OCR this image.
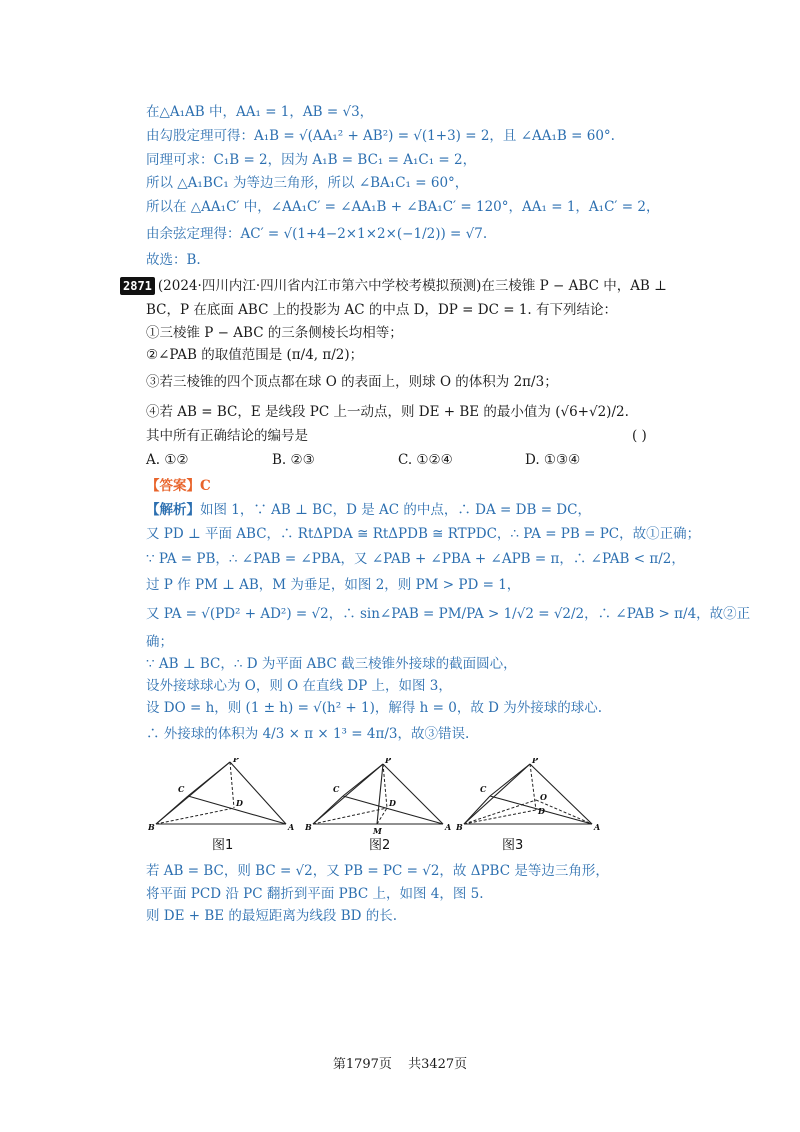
在△A₁AB 中，AA₁ = 1，AB = √3，
由勾股定理可得：A₁B = √(AA₁² + AB²) = √(1+3) = 2，且 ∠AA₁B = 60°.
同理可求：C₁B = 2，因为 A₁B = BC₁ = A₁C₁ = 2，
所以 △A₁BC₁ 为等边三角形，所以 ∠BA₁C₁ = 60°，
所以在 △AA₁C′ 中，∠AA₁C′ = ∠AA₁B + ∠BA₁C′ = 120°，AA₁ = 1，A₁C′ = 2，
由余弦定理得：AC′ = √(1+4−2×1×2×(−1/2)) = √7.
故选：B.
2871 (2024·四川内江·四川省内江市第六中学校考模拟预测)在三棱锥 P − ABC 中，AB ⊥
BC，P 在底面 ABC 上的投影为 AC 的中点 D，DP = DC = 1. 有下列结论：
①三棱锥 P − ABC 的三条侧棱长均相等；
②∠PAB 的取值范围是 (π/4, π/2)；
③若三棱锥的四个顶点都在球 O 的表面上，则球 O 的体积为 2π/3；
④若 AB = BC，E 是线段 PC 上一动点，则 DE + BE 的最小值为 (√6+√2)/2.
其中所有正确结论的编号是	( )
A. ①②	B. ②③	C. ①②④	D. ①③④
【答案】C
【解析】如图 1，∵ AB ⊥ BC，D 是 AC 的中点，∴ DA = DB = DC，
又 PD ⊥ 平面 ABC，∴ RtΔPDA ≅ RtΔPDB ≅ RTPDC，∴ PA = PB = PC，故①正确；
∵ PA = PB，∴ ∠PAB = ∠PBA，又 ∠PAB + ∠PBA + ∠APB = π，∴ ∠PAB < π/2，
过 P 作 PM ⊥ AB，M 为垂足，如图 2，则 PM > PD = 1，
又 PA = √(PD² + AD²) = √2，∴ sin∠PAB = PM/PA > 1/√2 = √2/2，∴ ∠PAB > π/4，故②正
确；
∵ AB ⊥ BC，∴ D 为平面 ABC 截三棱锥外接球的截面圆心，
设外接球球心为 O，则 O 在直线 DP 上，如图 3，
设 DO = h，则 (1 ± h) = √(h² + 1)，解得 h = 0，故 D 为外接球的球心.
∴ 外接球的体积为 4/3 × π × 1³ = 4π/3，故③错误.
P
C
D
B	A
图1
P
C
D
B	A
M
图2
P
C
O
D
B	A
图3
若 AB = BC，则 BC = √2，又 PB = PC = √2，故 ΔPBC 是等边三角形，
将平面 PCD 沿 PC 翻折到平面 PBC 上，如图 4，图 5.
则 DE + BE 的最短距离为线段 BD 的长.
第1797页 共3427页
